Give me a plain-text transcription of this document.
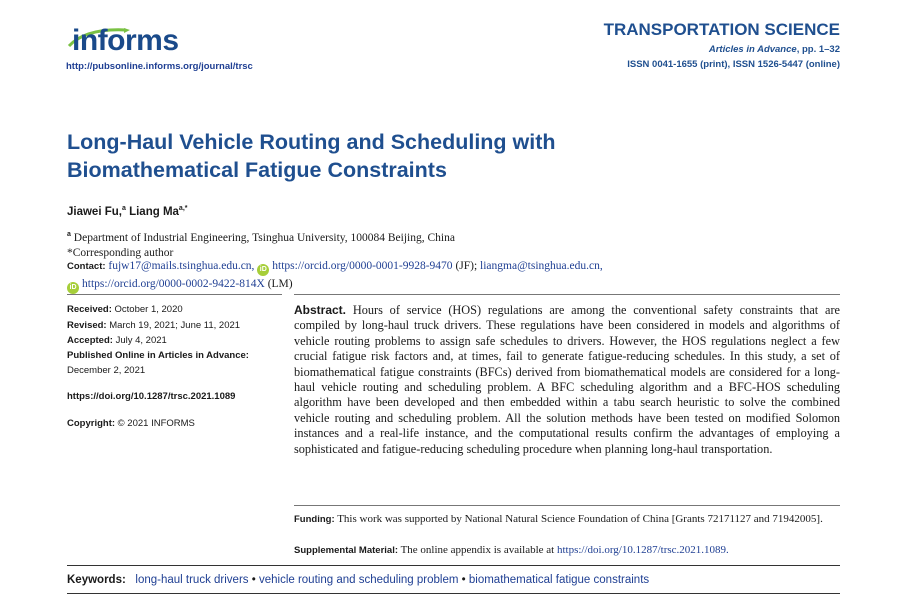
informs
http://pubsonline.informs.org/journal/trsc
TRANSPORTATION SCIENCE
Articles in Advance, pp. 1–32
ISSN 0041-1655 (print), ISSN 1526-5447 (online)
Long-Haul Vehicle Routing and Scheduling with
Biomathematical Fatigue Constraints
Jiawei Fu,$^a$ Liang $Ma^{a,*}$
$^a$ Department of Industrial Engineering, Tsinghua University, 100084 Beijing, China
*Corresponding author
Contact: fujw17@mails.tsinghua.edu.cn, iD https://orcid.org/0000-0001-9928-9470 (JF); liangma@tsinghua.edu.cn,
iD https://orcid.org/0000-0002-9422-814X (LM)
Received: October 1, 2020
Revised: March 19, 2021; June 11, 2021
Accepted: July 4, 2021
Published Online in Articles in Advance:
December 2, 2021
https://doi.org/10.1287/trsc.2021.1089
Copyright: © 2021 INFORMS
Abstract. Hours of service (HOS) regulations are among the conventional safety constraints that are compiled by long-haul truck drivers. These regulations have been considered in models and algorithms of vehicle routing problems to assign safe schedules to drivers. However, the HOS regulations neglect a few crucial fatigue risk factors and, at times, fail to generate fatigue-reducing schedules. In this study, a set of biomathematical fatigue constraints (BFCs) derived from biomathematical models are considered for a long-haul vehicle routing and scheduling problem. A BFC scheduling algorithm and a BFC-HOS scheduling algorithm have been developed and then embedded within a tabu search heuristic to solve the combined vehicle routing and scheduling problem. All the solution methods have been tested on modified Solomon instances and a real-life instance, and the computational results confirm the advantages of employing a sophisticated and fatigue-reducing scheduling procedure when planning long-haul transportation.
Funding: This work was supported by National Natural Science Foundation of China [Grants 72171127 and 71942005].
Supplemental Material: The online appendix is available at https://doi.org/10.1287/trsc.2021.1089.
Keywords: long-haul truck drivers • vehicle routing and scheduling problem • biomathematical fatigue constraints
